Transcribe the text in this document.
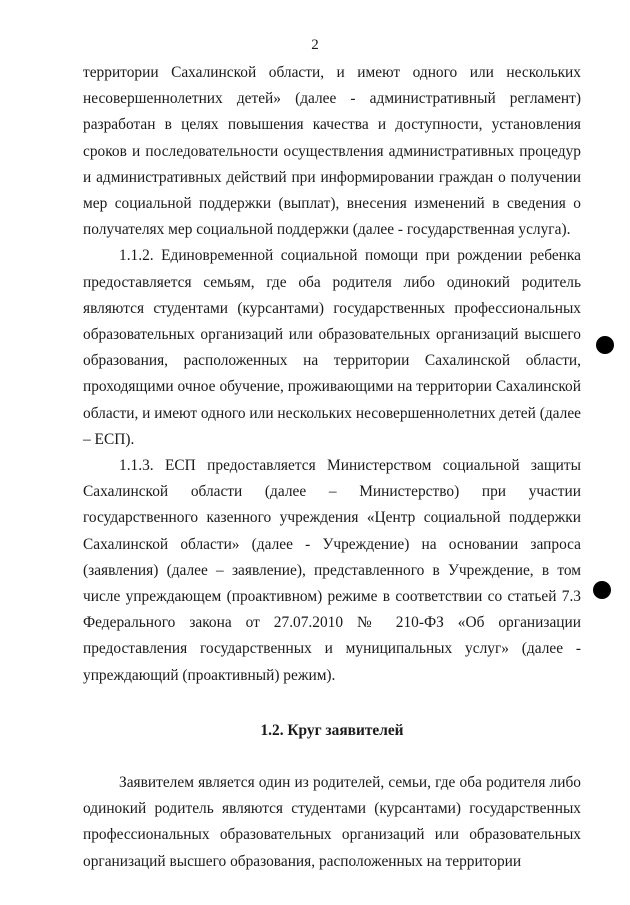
2

территории Сахалинской области, и имеют одного или нескольких несовершеннолетних детей» (далее - административный регламент) разработан в целях повышения качества и доступности, установления сроков и последовательности осуществления административных процедур и административных действий при информировании граждан о получении мер социальной поддержки (выплат), внесения изменений в сведения о получателях мер социальной поддержки (далее - государственная услуга).

1.1.2. Единовременной социальной помощи при рождении ребенка предоставляется семьям, где оба родителя либо одинокий родитель являются студентами (курсантами) государственных профессиональных образовательных организаций или образовательных организаций высшего образования, расположенных на территории Сахалинской области, проходящими очное обучение, проживающими на территории Сахалинской области, и имеют одного или нескольких несовершеннолетних детей (далее – ЕСП).

1.1.3. ЕСП предоставляется Министерством социальной защиты Сахалинской области (далее – Министерство) при участии государственного казенного учреждения «Центр социальной поддержки Сахалинской области» (далее - Учреждение) на основании запроса (заявления) (далее – заявление), представленного в Учреждение, в том числе упреждающем (проактивном) режиме в соответствии со статьей 7.3 Федерального закона от 27.07.2010 № 210-ФЗ «Об организации предоставления государственных и муниципальных услуг» (далее - упреждающий (проактивный) режим).

1.2. Круг заявителей

Заявителем является один из родителей, семьи, где оба родителя либо одинокий родитель являются студентами (курсантами) государственных профессиональных образовательных организаций или образовательных организаций высшего образования, расположенных на территории
